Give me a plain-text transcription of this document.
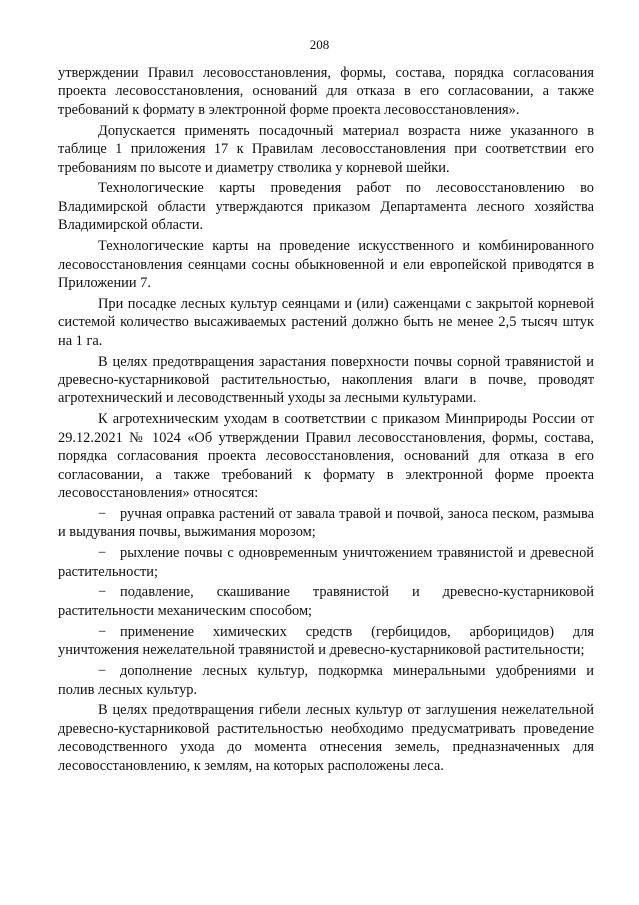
208

утверждении Правил лесовосстановления, формы, состава, порядка согласования проекта лесовосстановления, оснований для отказа в его согласовании, а также требований к формату в электронной форме проекта лесовосстановления».

Допускается применять посадочный материал возраста ниже указанного в таблице 1 приложения 17 к Правилам лесовосстановления при соответствии его требованиям по высоте и диаметру стволика у корневой шейки.

Технологические карты проведения работ по лесовосстановлению во Владимирской области утверждаются приказом Департамента лесного хозяйства Владимирской области.

Технологические карты на проведение искусственного и комбинированного лесовосстановления сеянцами сосны обыкновенной и ели европейской приводятся в Приложении 7.

При посадке лесных культур сеянцами и (или) саженцами с закрытой корневой системой количество высаживаемых растений должно быть не менее 2,5 тысяч штук на 1 га.

В целях предотвращения зарастания поверхности почвы сорной травянистой и древесно-кустарниковой растительностью, накопления влаги в почве, проводят агротехнический и лесоводственный уходы за лесными культурами.

К агротехническим уходам в соответствии с приказом Минприроды России от 29.12.2021 № 1024 «Об утверждении Правил лесовосстановления, формы, состава, порядка согласования проекта лесовосстановления, оснований для отказа в его согласовании, а также требований к формату в электронной форме проекта лесовосстановления» относятся:

− ручная оправка растений от завала травой и почвой, заноса песком, размыва и выдувания почвы, выжимания морозом;

− рыхление почвы с одновременным уничтожением травянистой и древесной растительности;

− подавление, скашивание травянистой и древесно-кустарниковой растительности механическим способом;

− применение химических средств (гербицидов, арборицидов) для уничтожения нежелательной травянистой и древесно-кустарниковой растительности;

− дополнение лесных культур, подкормка минеральными удобрениями и полив лесных культур.

В целях предотвращения гибели лесных культур от заглушения нежелательной древесно-кустарниковой растительностью необходимо предусматривать проведение лесоводственного ухода до момента отнесения земель, предназначенных для лесовосстановлению, к землям, на которых расположены леса.
